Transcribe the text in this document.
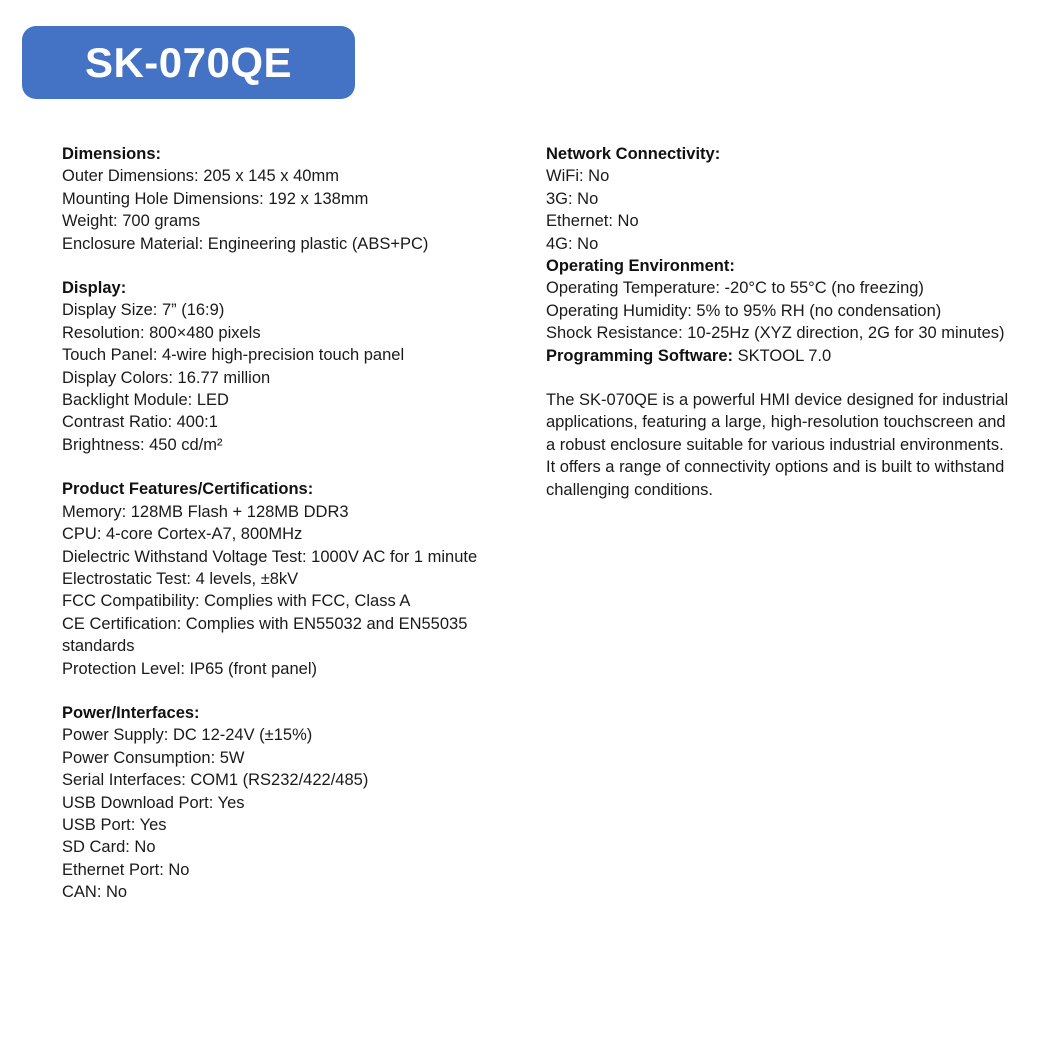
SK-070QE
Dimensions:
Outer Dimensions: 205 x 145 x 40mm
Mounting Hole Dimensions: 192 x 138mm
Weight: 700 grams
Enclosure Material: Engineering plastic (ABS+PC)
Display:
Display Size: 7” (16:9)
Resolution: 800×480 pixels
Touch Panel: 4-wire high-precision touch panel
Display Colors: 16.77 million
Backlight Module: LED
Contrast Ratio: 400:1
Brightness: 450 cd/m²
Product Features/Certifications:
Memory: 128MB Flash + 128MB DDR3
CPU: 4-core Cortex-A7, 800MHz
Dielectric Withstand Voltage Test: 1000V AC for 1 minute
Electrostatic Test: 4 levels, ±8kV
FCC Compatibility: Complies with FCC, Class A
CE Certification: Complies with EN55032 and EN55035 standards
Protection Level: IP65 (front panel)
Power/Interfaces:
Power Supply: DC 12-24V (±15%)
Power Consumption: 5W
Serial Interfaces: COM1 (RS232/422/485)
USB Download Port: Yes
USB Port: Yes
SD Card: No
Ethernet Port: No
CAN: No
Network Connectivity:
WiFi: No
3G: No
Ethernet: No
4G: No
Operating Environment:
Operating Temperature: -20°C to 55°C (no freezing)
Operating Humidity: 5% to 95% RH (no condensation)
Shock Resistance: 10-25Hz (XYZ direction, 2G for 30 minutes)
Programming Software: SKTOOL 7.0

The SK-070QE is a powerful HMI device designed for industrial applications, featuring a large, high-resolution touchscreen and a robust enclosure suitable for various industrial environments. It offers a range of connectivity options and is built to withstand challenging conditions.
